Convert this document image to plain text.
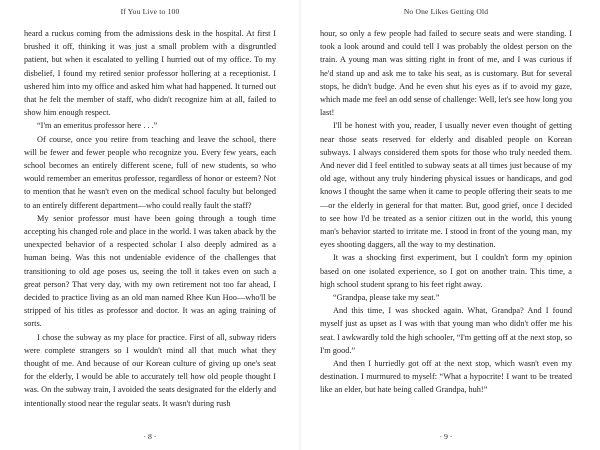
If You Live to 100

heard a ruckus coming from the admissions desk in the hospital. At first I brushed it off, thinking it was just a small problem with a disgruntled patient, but when it escalated to yelling I hurried out of my office. To my disbelief, I found my retired senior professor hollering at a receptionist. I ushered him into my office and asked him what had happened. It turned out that he felt the member of staff, who didn't recognize him at all, failed to show him enough respect.

“I'm an emeritus professor here . . .”

Of course, once you retire from teaching and leave the school, there will be fewer and fewer people who recognize you. Every few years, each school becomes an entirely different scene, full of new students, so who would remember an emeritus professor, regardless of honor or esteem? Not to mention that he wasn't even on the medical school faculty but belonged to an entirely different department—who could really fault the staff?

My senior professor must have been going through a tough time accepting his changed role and place in the world. I was taken aback by the unexpected behavior of a respected scholar I also deeply admired as a human being. Was this not undeniable evidence of the challenges that transitioning to old age poses us, seeing the toll it takes even on such a great person? That very day, with my own retirement not too far ahead, I decided to practice living as an old man named Rhee Kun Hoo—who'll be stripped of his titles as professor and doctor. It was an aging training of sorts.

I chose the subway as my place for practice. First of all, subway riders were complete strangers so I wouldn't mind all that much what they thought of me. And because of our Korean culture of giving up one's seat for the elderly, I would be able to accurately tell how old people thought I was. On the subway train, I avoided the seats designated for the elderly and intentionally stood near the regular seats. It wasn't during rush

· 8 ·
No One Likes Getting Old

hour, so only a few people had failed to secure seats and were standing. I took a look around and could tell I was probably the oldest person on the train. A young man was sitting right in front of me, and I was curious if he'd stand up and ask me to take his seat, as is customary. But for several stops, he didn't budge. And he even shut his eyes as if to avoid my gaze, which made me feel an odd sense of challenge: Well, let's see how long you last!

I'll be honest with you, reader, I usually never even thought of getting near those seats reserved for elderly and disabled people on Korean subways. I always considered them spots for those who truly needed them. And never did I feel entitled to subway seats at all times just because of my old age, without any truly hindering physical issues or handicaps, and god knows I thought the same when it came to people offering their seats to me—or the elderly in general for that matter. But, good grief, once I decided to see how I'd be treated as a senior citizen out in the world, this young man's behavior started to irritate me. I stood in front of the young man, my eyes shooting daggers, all the way to my destination.

It was a shocking first experiment, but I couldn't form my opinion based on one isolated experience, so I got on another train. This time, a high school student sprang to his feet right away.

“Grandpa, please take my seat.”

And this time, I was shocked again. What, Grandpa? And I found myself just as upset as I was with that young man who didn't offer me his seat. I awkwardly told the high schooler, “I'm getting off at the next stop, so I'm good.”

And then I hurriedly got off at the next stop, which wasn't even my destination. I murmured to myself: “What a hypocrite! I want to be treated like an elder, but hate being called Grandpa, huh!”

· 9 ·
